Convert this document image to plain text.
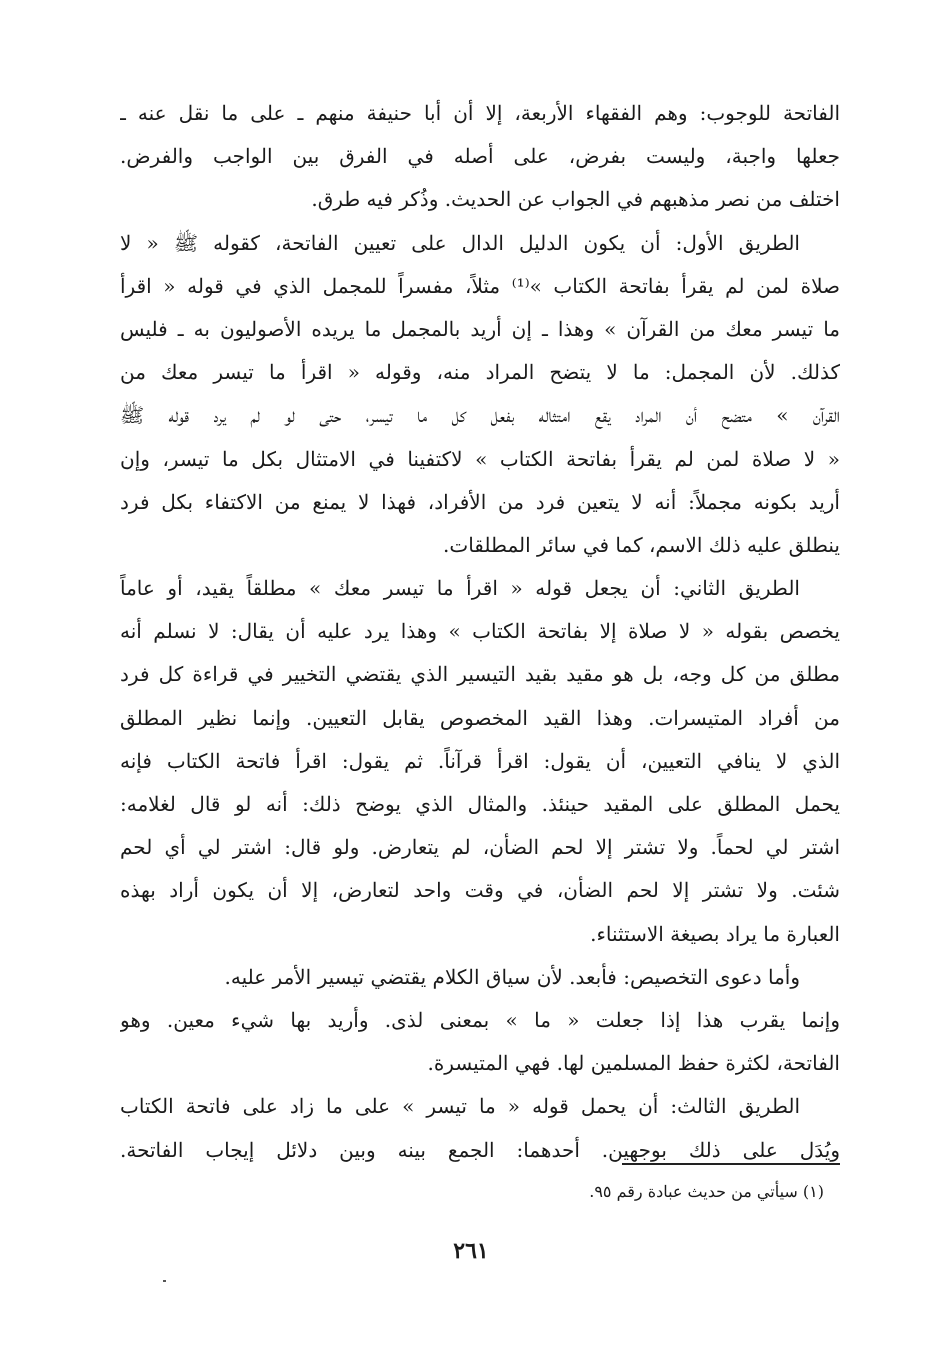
الفاتحة للوجوب: وهم الفقهاء الأربعة، إلا أن أبا حنيفة منهم ـ على ما نقل عنه ـ
جعلها واجبة، وليست بفرض، على أصله في الفرق بين الواجب والفرض.
اختلف من نصر مذهبهم في الجواب عن الحديث. وذُكر فيه طرق.
الطريق الأول: أن يكون الدليل الدال على تعيين الفاتحة، كقوله ﷺ « لا
صلاة لمن لم يقرأ بفاتحة الكتاب »⁽¹⁾ مثلاً، مفسراً للمجمل الذي في قوله « اقرأ
ما تيسر معك من القرآن » وهذا ـ إن أريد بالمجمل ما يريده الأصوليون به ـ فليس
كذلك. لأن المجمل: ما لا يتضح المراد منه، وقوله « اقرأ ما تيسر معك من
القرآن » متضح أن المراد يقع امتثاله بفعل كل ما تيسر، حتى لو لم يرد قوله ﷺ
« لا صلاة لمن لم يقرأ بفاتحة الكتاب » لاكتفينا في الامتثال بكل ما تيسر، وإن
أريد بكونه مجملاً: أنه لا يتعين فرد من الأفراد، فهذا لا يمنع من الاكتفاء بكل فرد
ينطلق عليه ذلك الاسم، كما في سائر المطلقات.
الطريق الثاني: أن يجعل قوله « اقرأ ما تيسر معك » مطلقاً يقيد، أو عاماً
يخصص بقوله « لا صلاة إلا بفاتحة الكتاب » وهذا يرد عليه أن يقال: لا نسلم أنه
مطلق من كل وجه، بل هو مقيد بقيد التيسير الذي يقتضي التخيير في قراءة كل فرد
من أفراد المتيسرات. وهذا القيد المخصوص يقابل التعيين. وإنما نظير المطلق
الذي لا ينافي التعيين، أن يقول: اقرأ قرآناً. ثم يقول: اقرأ فاتحة الكتاب فإنه
يحمل المطلق على المقيد حينئذ. والمثال الذي يوضح ذلك: أنه لو قال لغلامه:
اشتر لي لحماً. ولا تشتر إلا لحم الضأن، لم يتعارض. ولو قال: اشتر لي أي لحم
شئت. ولا تشتر إلا لحم الضأن، في وقت واحد لتعارض، إلا أن يكون أراد بهذه
العبارة ما يراد بصيغة الاستثناء.
وأما دعوى التخصيص: فأبعد. لأن سياق الكلام يقتضي تيسير الأمر عليه.
وإنما يقرب هذا إذا جعلت « ما » بمعنى لذى. وأريد بها شيء معين. وهو
الفاتحة، لكثرة حفظ المسلمين لها. فهي المتيسرة.
الطريق الثالث: أن يحمل قوله « ما تيسر » على ما زاد على فاتحة الكتاب
ويُدَل على ذلك بوجهين. أحدهما: الجمع بينه وبين دلائل إيجاب الفاتحة.
(١) سيأتي من حديث عبادة رقم ٩٥.
٢٦١
